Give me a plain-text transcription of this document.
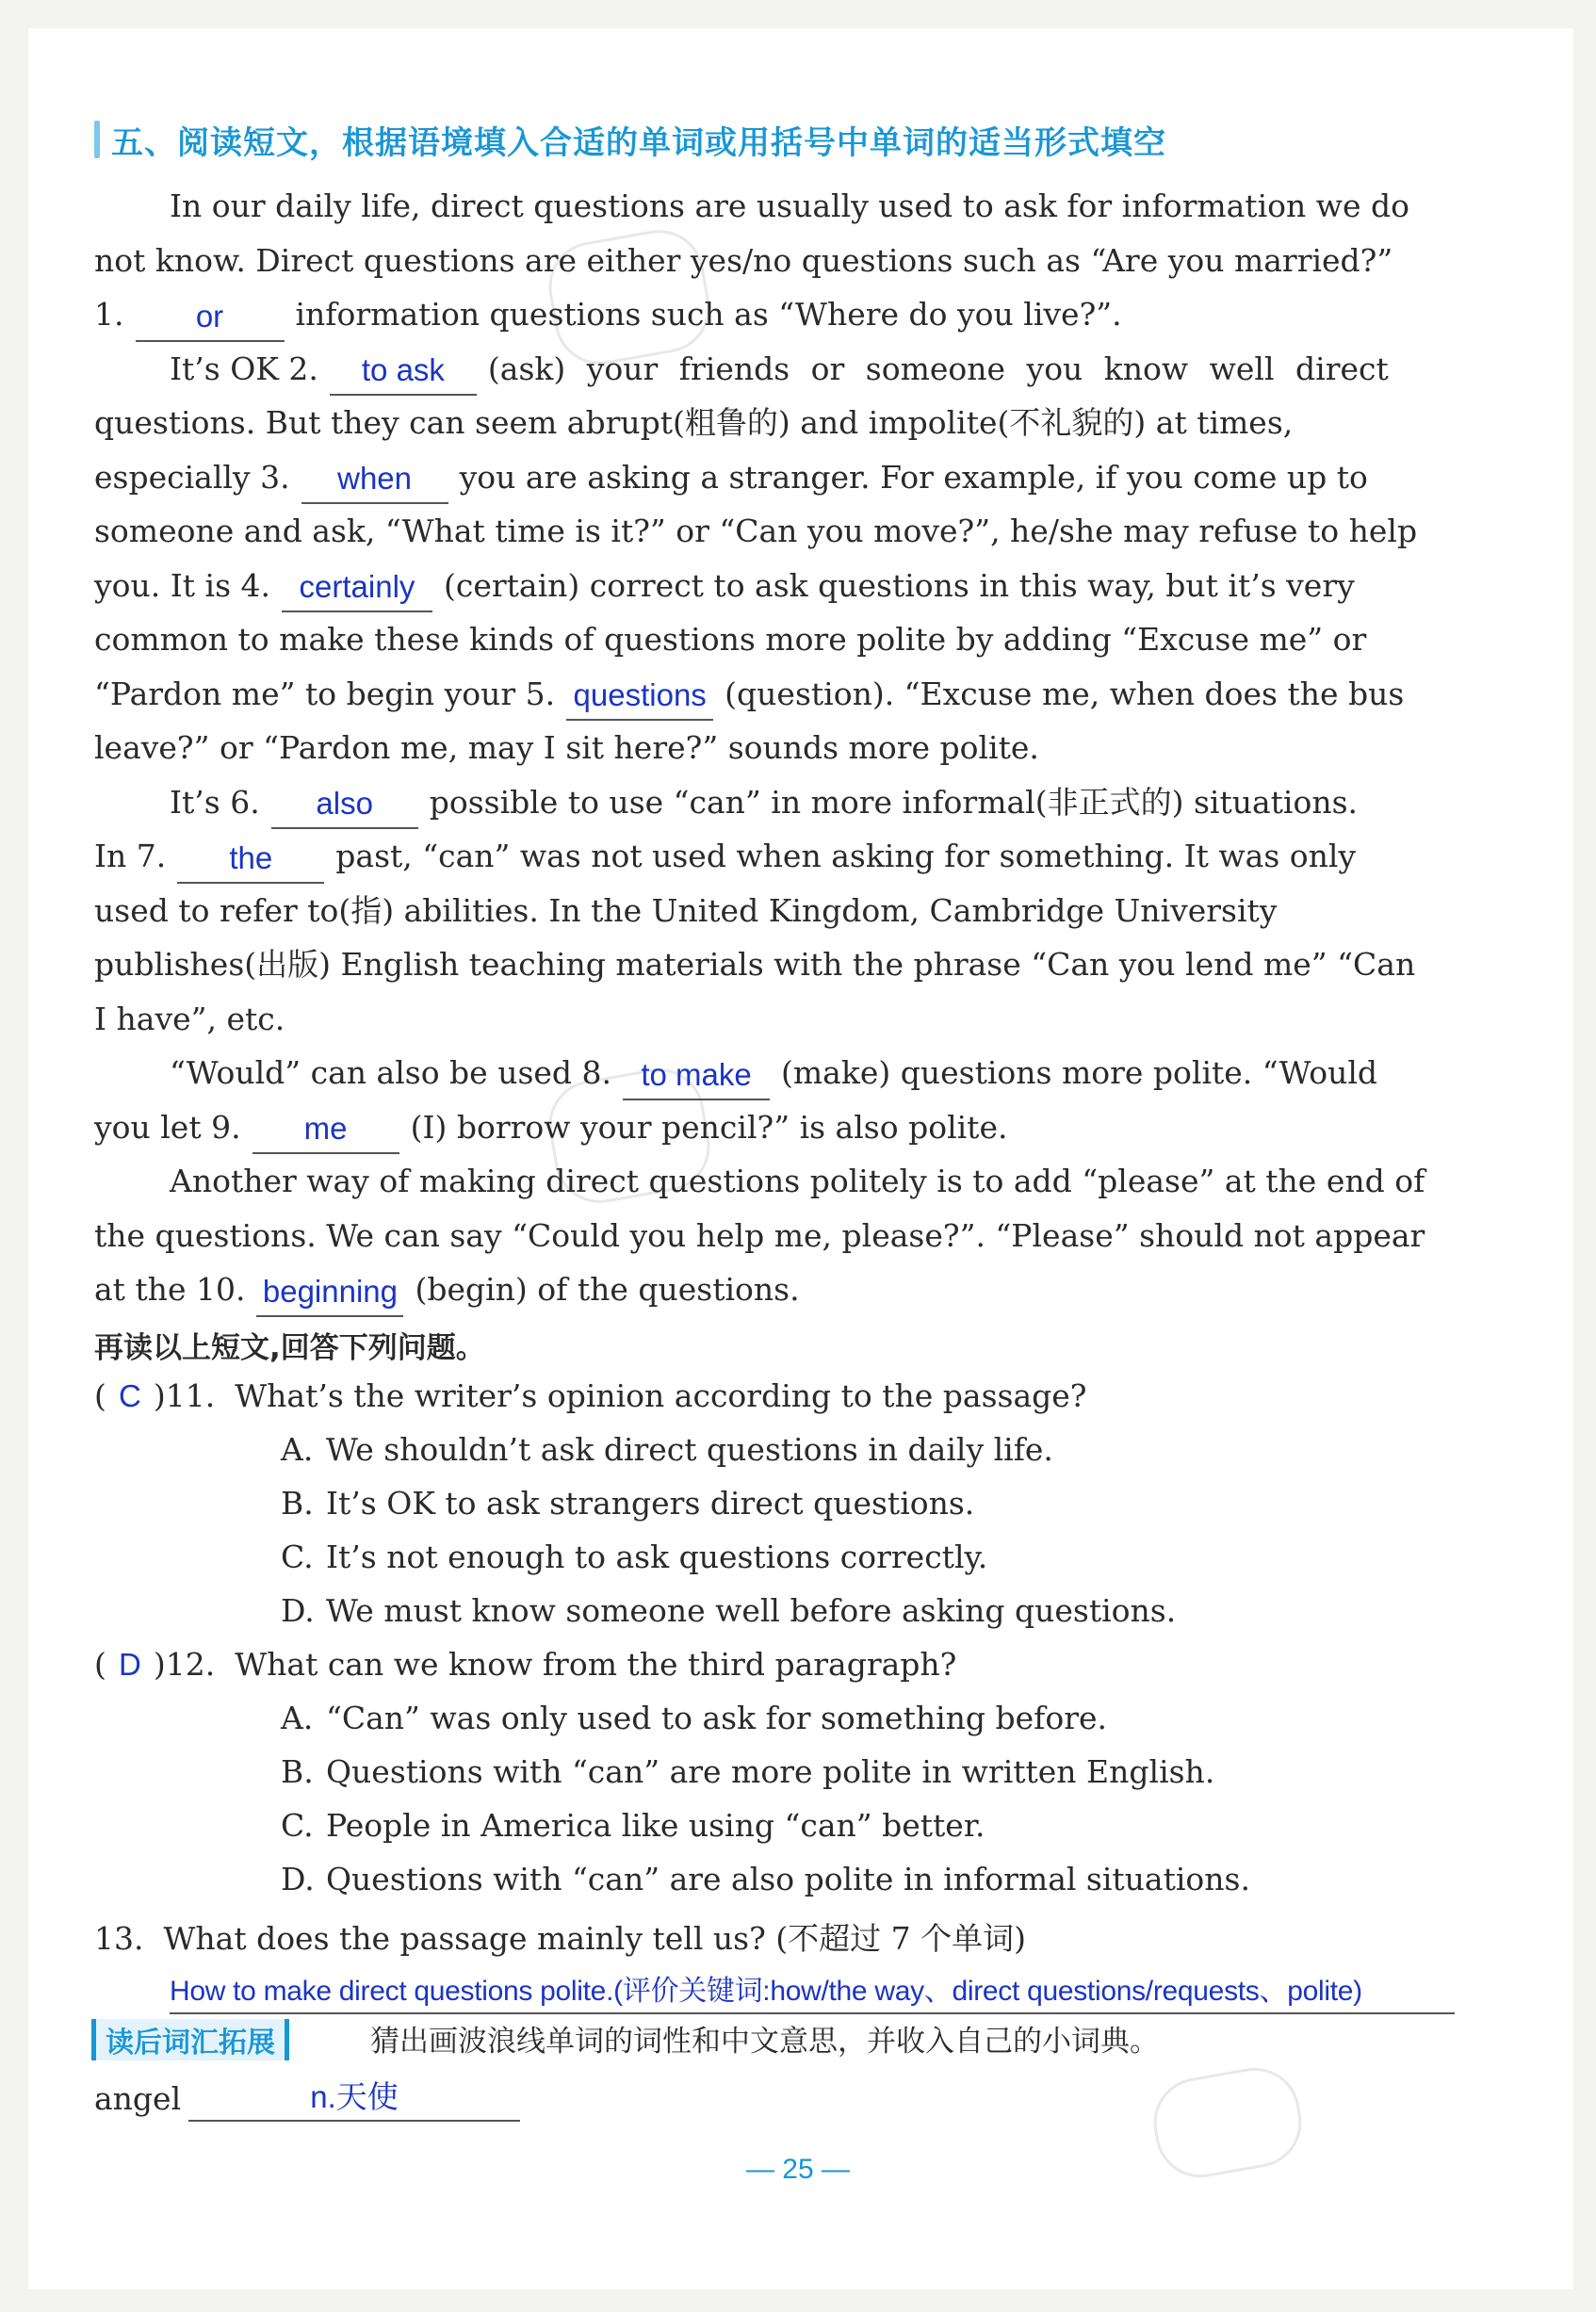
五、阅读短文，根据语境填入合适的单词或用括号中单词的适当形式填空
In our daily life, direct questions are usually used to ask for information we do
not know. Direct questions are either yes/no questions such as “Are you married?”
1.	or	information questions such as “Where do you live?”.
It’s OK 2.	to ask	(ask) your friends or someone you know well direct
questions. But they can seem abrupt(粗鲁的) and impolite(不礼貌的) at times,
especially 3.	when	you are asking a stranger. For example, if you come up to
someone and ask, “What time is it?” or “Can you move?”, he/she may refuse to help
you. It is 4. certainly (certain) correct to ask questions in this way, but it’s very
common to make these kinds of questions more polite by adding “Excuse me” or
“Pardon me” to begin your 5. questions (question). “Excuse me, when does the bus
leave?” or “Pardon me, may I sit here?” sounds more polite.
It’s 6.	also	possible to use “can” in more informal(非正式的) situations.
In 7.	the	past, “can” was not used when asking for something. It was only
used to refer to(指) abilities. In the United Kingdom, Cambridge University
publishes(出版) English teaching materials with the phrase “Can you lend me” “Can
I have”, etc.
“Would” can also be used 8. to make (make) questions more polite. “Would
you let 9.	me	(I) borrow your pencil?” is also polite.
Another way of making direct questions politely is to add “please” at the end of
the questions. We can say “Could you help me, please?”. “Please” should not appear
at the 10. beginning (begin) of the questions.
再读以上短文,回答下列问题。
( C )11. What’s the writer’s opinion according to the passage?
A. We shouldn’t ask direct questions in daily life.
B. It’s OK to ask strangers direct questions.
C. It’s not enough to ask questions correctly.
D. We must know someone well before asking questions.
( D )12. What can we know from the third paragraph?
A. “Can” was only used to ask for something before.
B. Questions with “can” are more polite in written English.
C. People in America like using “can” better.
D. Questions with “can” are also polite in informal situations.
13. What does the passage mainly tell us? (不超过 7 个单词)
How to make direct questions polite.(评价关键词:how/the way、direct questions/requests、polite)
读后词汇拓展	猜出画波浪线单词的词性和中文意思，并收入自己的小词典。
angel	n.天使
— 25 —
